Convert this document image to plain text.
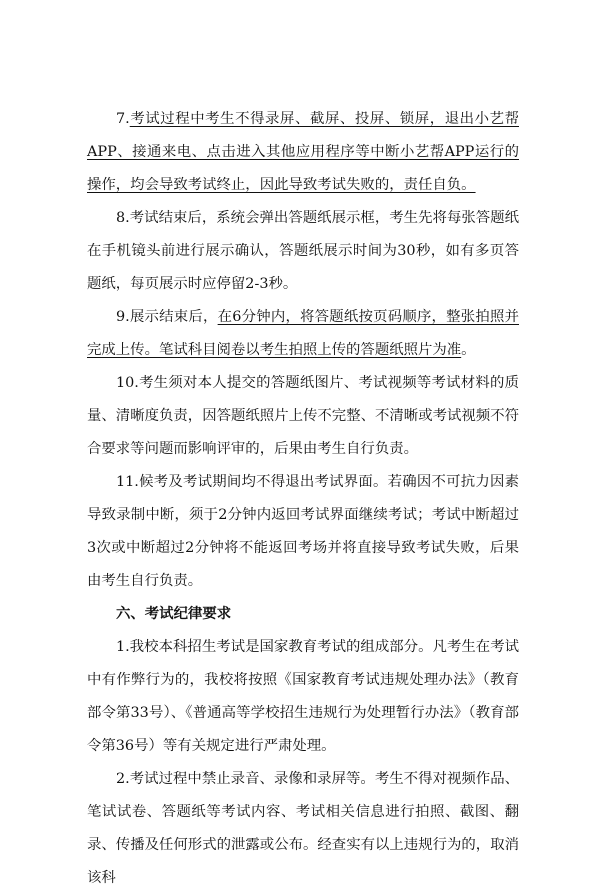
7.考试过程中考生不得录屏、截屏、投屏、锁屏，退出小艺帮APP、接通来电、点击进入其他应用程序等中断小艺帮APP运行的操作，均会导致考试终止，因此导致考试失败的，责任自负。

8.考试结束后，系统会弹出答题纸展示框，考生先将每张答题纸在手机镜头前进行展示确认，答题纸展示时间为30秒，如有多页答题纸，每页展示时应停留2-3秒。

9.展示结束后，在6分钟内，将答题纸按页码顺序，整张拍照并完成上传。笔试科目阅卷以考生拍照上传的答题纸照片为准。

10.考生须对本人提交的答题纸图片、考试视频等考试材料的质量、清晰度负责，因答题纸照片上传不完整、不清晰或考试视频不符合要求等问题而影响评审的，后果由考生自行负责。

11.候考及考试期间均不得退出考试界面。若确因不可抗力因素导致录制中断，须于2分钟内返回考试界面继续考试；考试中断超过3次或中断超过2分钟将不能返回考场并将直接导致考试失败，后果由考生自行负责。

六、考试纪律要求

1.我校本科招生考试是国家教育考试的组成部分。凡考生在考试中有作弊行为的，我校将按照《国家教育考试违规处理办法》（教育部令第33号）、《普通高等学校招生违规行为处理暂行办法》（教育部令第36号）等有关规定进行严肃处理。

2.考试过程中禁止录音、录像和录屏等。考生不得对视频作品、笔试试卷、答题纸等考试内容、考试相关信息进行拍照、截图、翻录、传播及任何形式的泄露或公布。经查实有以上违规行为的，取消该科
